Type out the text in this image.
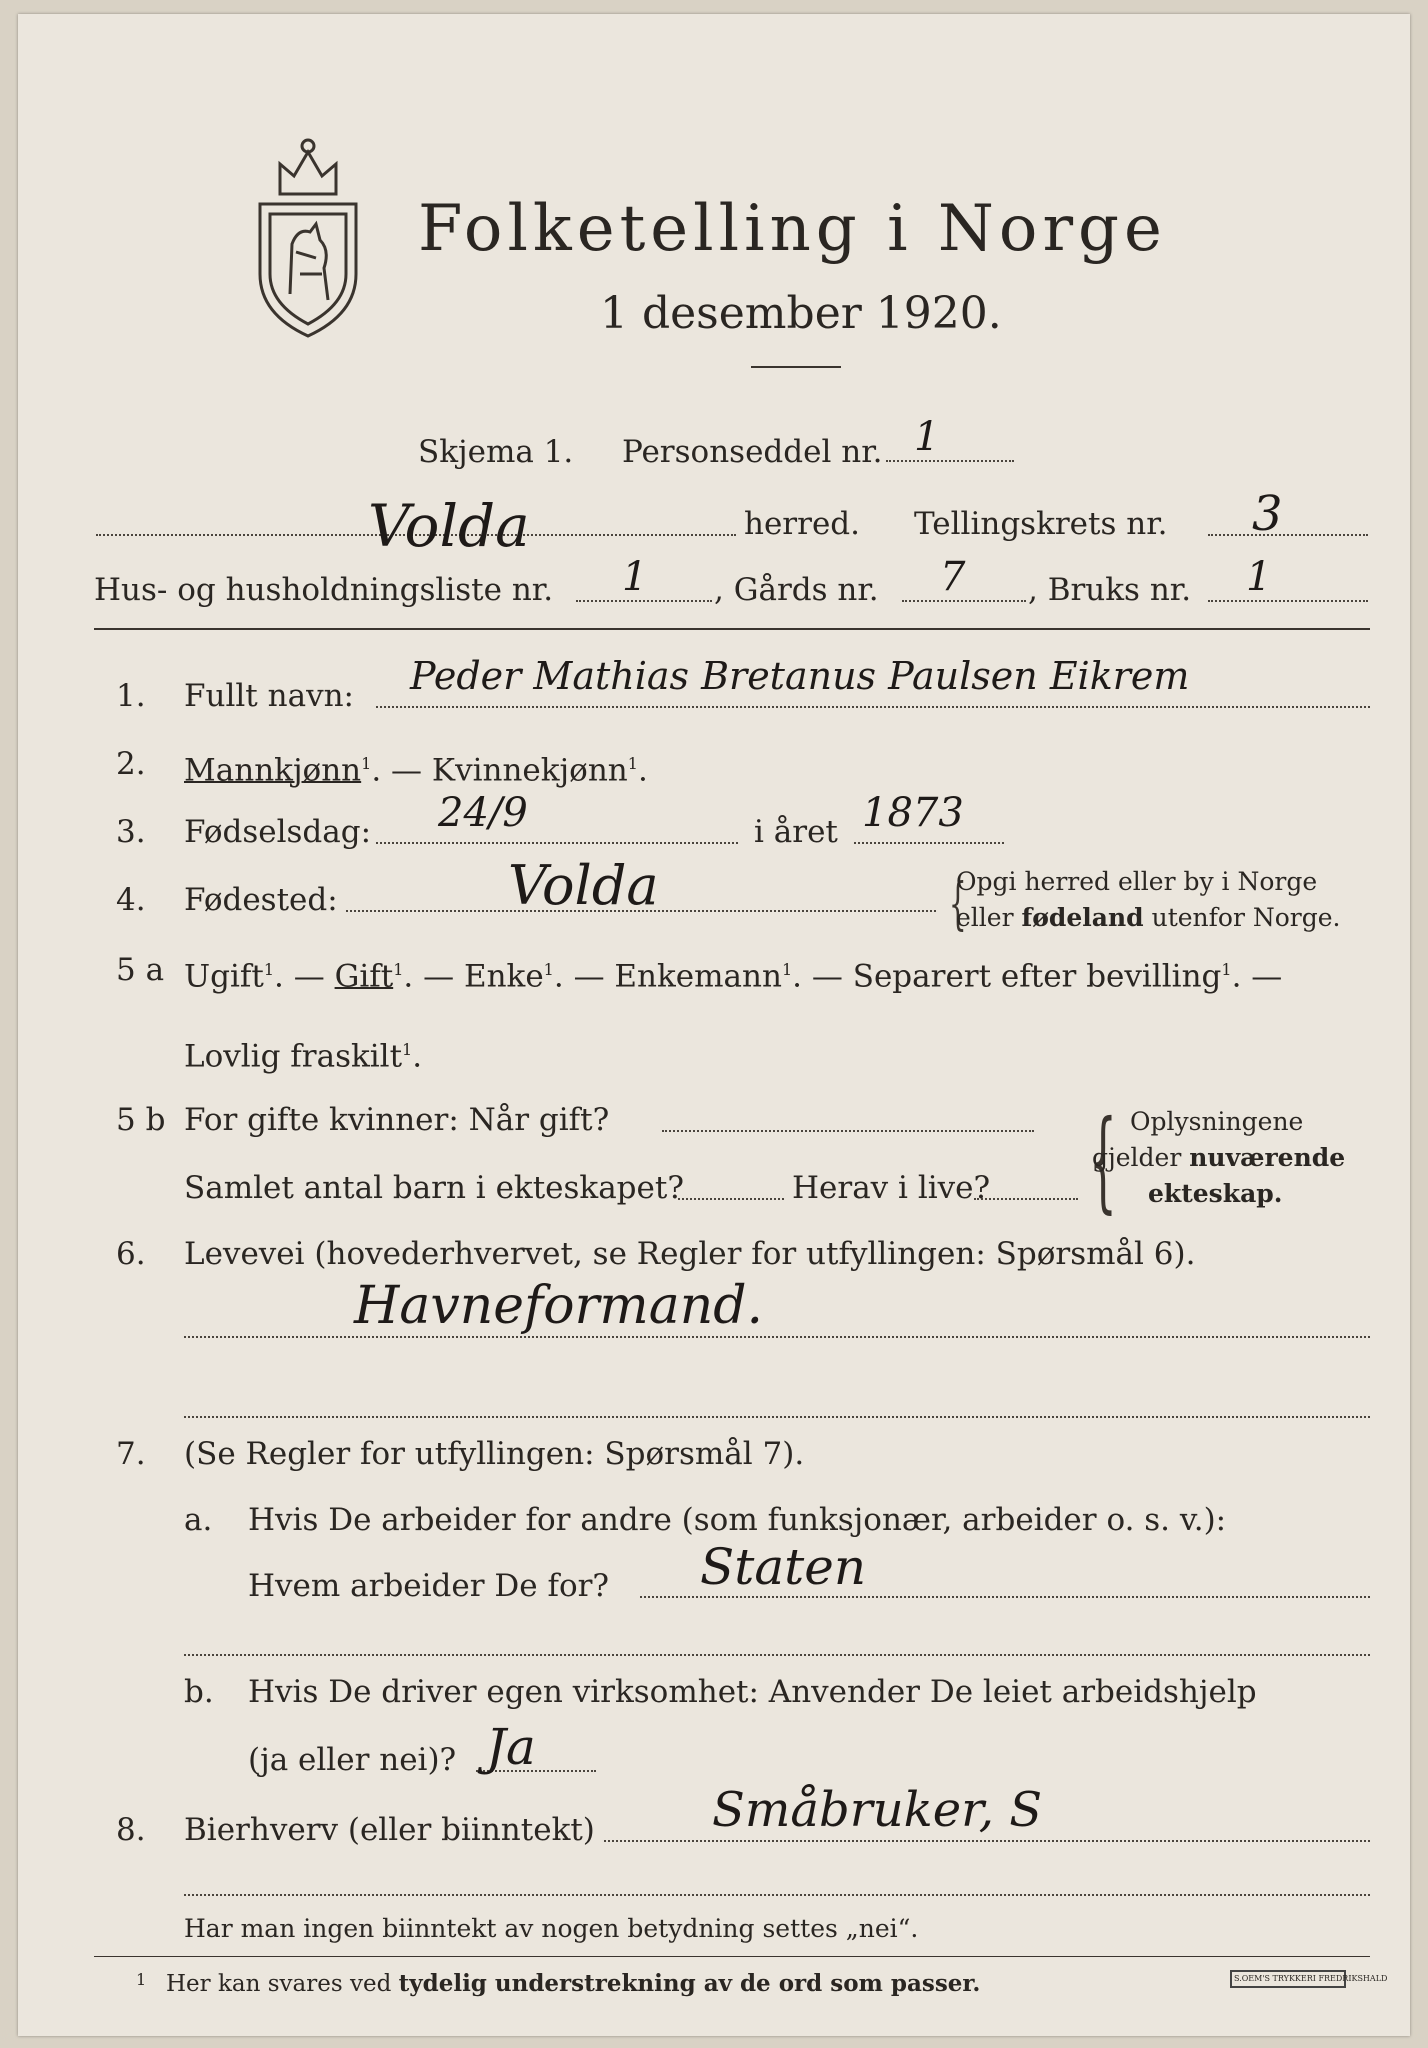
Folketelling i Norge
1 desember 1920.
Skjema 1. Personseddel nr. 1
Volda	herred. Tellingskrets nr. 3
Hus- og husholdningsliste nr. 1 , Gårds nr. 7 , Bruks nr. 1
1. Fullt navn: Peder Mathias Bretanus Paulsen Eikrem
2. Mannkjønn$^1$. — Kvinnekjønn$^1$.
3. Fødselsdag: 24/9	i året 1873
4. Fødested:	Volda	{
Opgi herred eller by i Norge
eller fødeland utenfor Norge.
5 a Ugift$^1$. — Gift$^1$. — Enke$^1$. — Enkemann$^1$. — Separert efter bevilling$^1$. —
Lovlig fraskilt$^1$.
5 b For gifte kvinner: Når gift?
Samlet antal barn i ekteskapet?	Herav i live? { Oplysningene
gjelder nuværende
ekteskap.
6. Levevei (hovederhvervet, se Regler for utfyllingen: Spørsmål 6).
Havneformand.
7. (Se Regler for utfyllingen: Spørsmål 7).
a. Hvis De arbeider for andre (som funksjonær, arbeider o. s. v.):
Hvem arbeider De for? Staten
b. Hvis De driver egen virksomhet: Anvender De leiet arbeidshjelp
(ja eller nei)? Ja
8. Bierhverv (eller biinntekt) Småbruker, S
Har man ingen biinntekt av nogen betydning settes „nei“.
1 Her kan svares ved tydelig understrekning av de ord som passer.	S.OEM'S TRYKKERI FREDRIKSHALD
